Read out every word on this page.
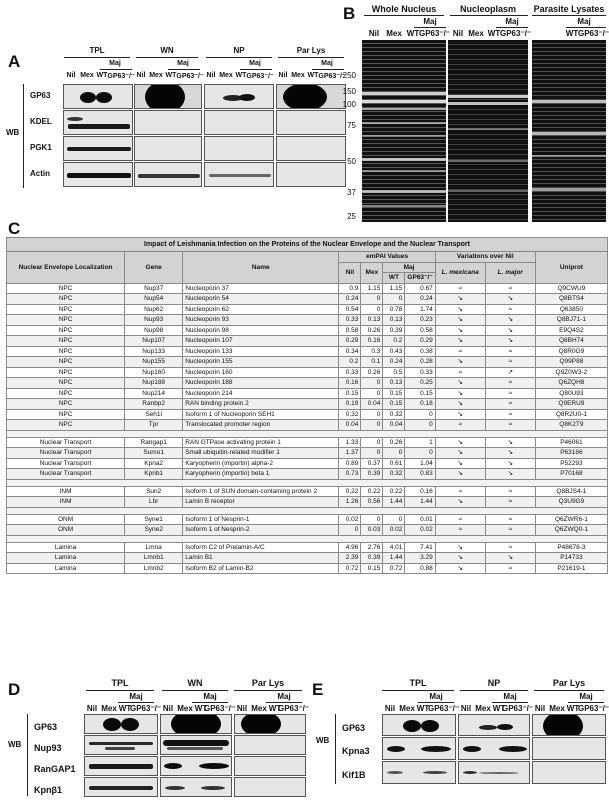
A
TPL	WN	NP	Par Lys
Maj	Maj	Maj	Maj
Nil Mex WT GP63⁻/⁻ Nil Mex WT GP63⁻/⁻ Nil Mex WT GP63⁻/⁻ Nil Mex WT GP63⁻/⁻
WB
GP63
KDEL
PGK1
Actin
B	Whole Nucleus	Nucleoplasm	Parasite Lysates
Maj	Maj	Maj
Nil Mex WT GP63⁻/⁻ Nil Mex WT GP63⁻/⁻	WT GP63⁻/⁻
250
150
100
75
50
37
25
C
Impact of Leishmania Infection on the Proteins of the Nuclear Envelope and the Nuclear Transport									
Nuclear Envelope Localization	Gene	Name	emPAI Values				Variations over Nil		Uniprot
			Nil	Mex	Maj		L. mexicana	L. major	
					WT	GP63⁻/⁻			
NPC	Nup37	Nucleoporin 37	0.9	1.15	1.15	0.67	≈	≈	Q9CWU9
NPC	Nup54	Nucleoporin 54	0.24	0	0	0.24	↘	↘	Q8BTS4
NPC	Nup62	Nucleoporin 62	0.54	0	0.78	1.74	↘	≈	Q63850
NPC	Nup93	Nucleoporin 93	0.33	0.13	0.13	0.23	↘	↘	Q8BJ71-1
NPC	Nup98	Nucleoporin 98	0.58	0.26	0.39	0.58	↘	↘	E9Q4S2
NPC	Nup107	Nucleoporin 107	0.29	0.16	0.2	0.29	↘	↘	Q8BH74
NPC	Nup133	Nucleoporin 133	0.34	0.3	0.43	0.38	≈	≈	Q8R0G9
NPC	Nup155	Nucleoporin 155	0.2	0.1	0.24	0.28	↘	≈	Q99P88
NPC	Nup160	Nucleoporin 160	0.33	0.26	0.5	0.33	≈	↗	Q9Z0W3-2
NPC	Nup188	Nucleoporin 188	0.16	0	0.13	0.25	↘	≈	Q6ZQH8
NPC	Nup214	Nucleoporin 214	0.15	0	0.15	0.15	↘	≈	Q80U93
NPC	Ranbp2	RAN binding protein 2	0.19	0.04	0.15	0.18	↘	≈	Q9ERU9
NPC	Seh1l	Isoform 1 of Nucleoporin SEH1	0.32	0	0.32	0	↘	≈	Q8R2U0-1
NPC	Tpr	Translocated promoter region	0.04	0	0.04	0	≈	≈	Q8K2T9

Nuclear Transport	Rangap1	RAN GTPase activating protein 1	1.33	0	0.26	1	↘	↘	P46061
Nuclear Transport	Sumo1	Small ubiquitin-related modifier 1	1.37	0	0	0	↘	↘	P63166
Nuclear Transport	Kpna2	Karyopherin (importin) alpha-2	0.89	0.37	0.61	1.04	↘	↘	P52293
Nuclear Transport	Kpnb1	Karyopherin (importin) beta 1	0.73	0.39	0.32	0.83	↘	↘	P70168

INM	Sun2	Isoform 1 of SUN domain-containing protein 2	0.22	0.22	0.22	0.16	≈	≈	Q8BJS4-1
INM	Lbr	Lamin B receptor	1.26	0.56	1.44	1.44	↘	≈	Q3U9G9

ONM	Syne1	Isoform 1 of Nesprin-1	0.02	0	0	0.01	≈	≈	Q6ZWR6-1
ONM	Syne2	Isoform 1 of Nesprin-2	0	0.03	0.02	0.02	≈	≈	Q6ZWQ0-1

Lamina	Lmna	Isoform C2 of Prelamin-A/C	4.96	2.76	4.01	7.41	↘	≈	P48678-3
Lamina	Lmnb1	Lamin B1	2.39	0.39	1.44	3.29	↘	↘	P14733
Lamina	Lmnb2	Isoform B2 of Lamin-B2	0.72	0.15	0.72	0.88	↘	≈	P21619-1
D	TPL	WN	Par Lys
Maj	Maj	Maj
Nil Mex WT
GP63⁻/⁻ Nil Mex WT
GP63⁻/⁻ Nil Mex WT
GP63⁻/⁻
WB
GP63
Nup93
RanGAP1
Kpnβ1
E	TPL	NP	Par Lys
Maj	Maj	Maj
Nil Mex WT
GP63⁻/⁻ Nil Mex WT
GP63⁻/⁻ Nil Mex WT
GP63⁻/⁻
WB
GP63
Kpna3
Kif1B
